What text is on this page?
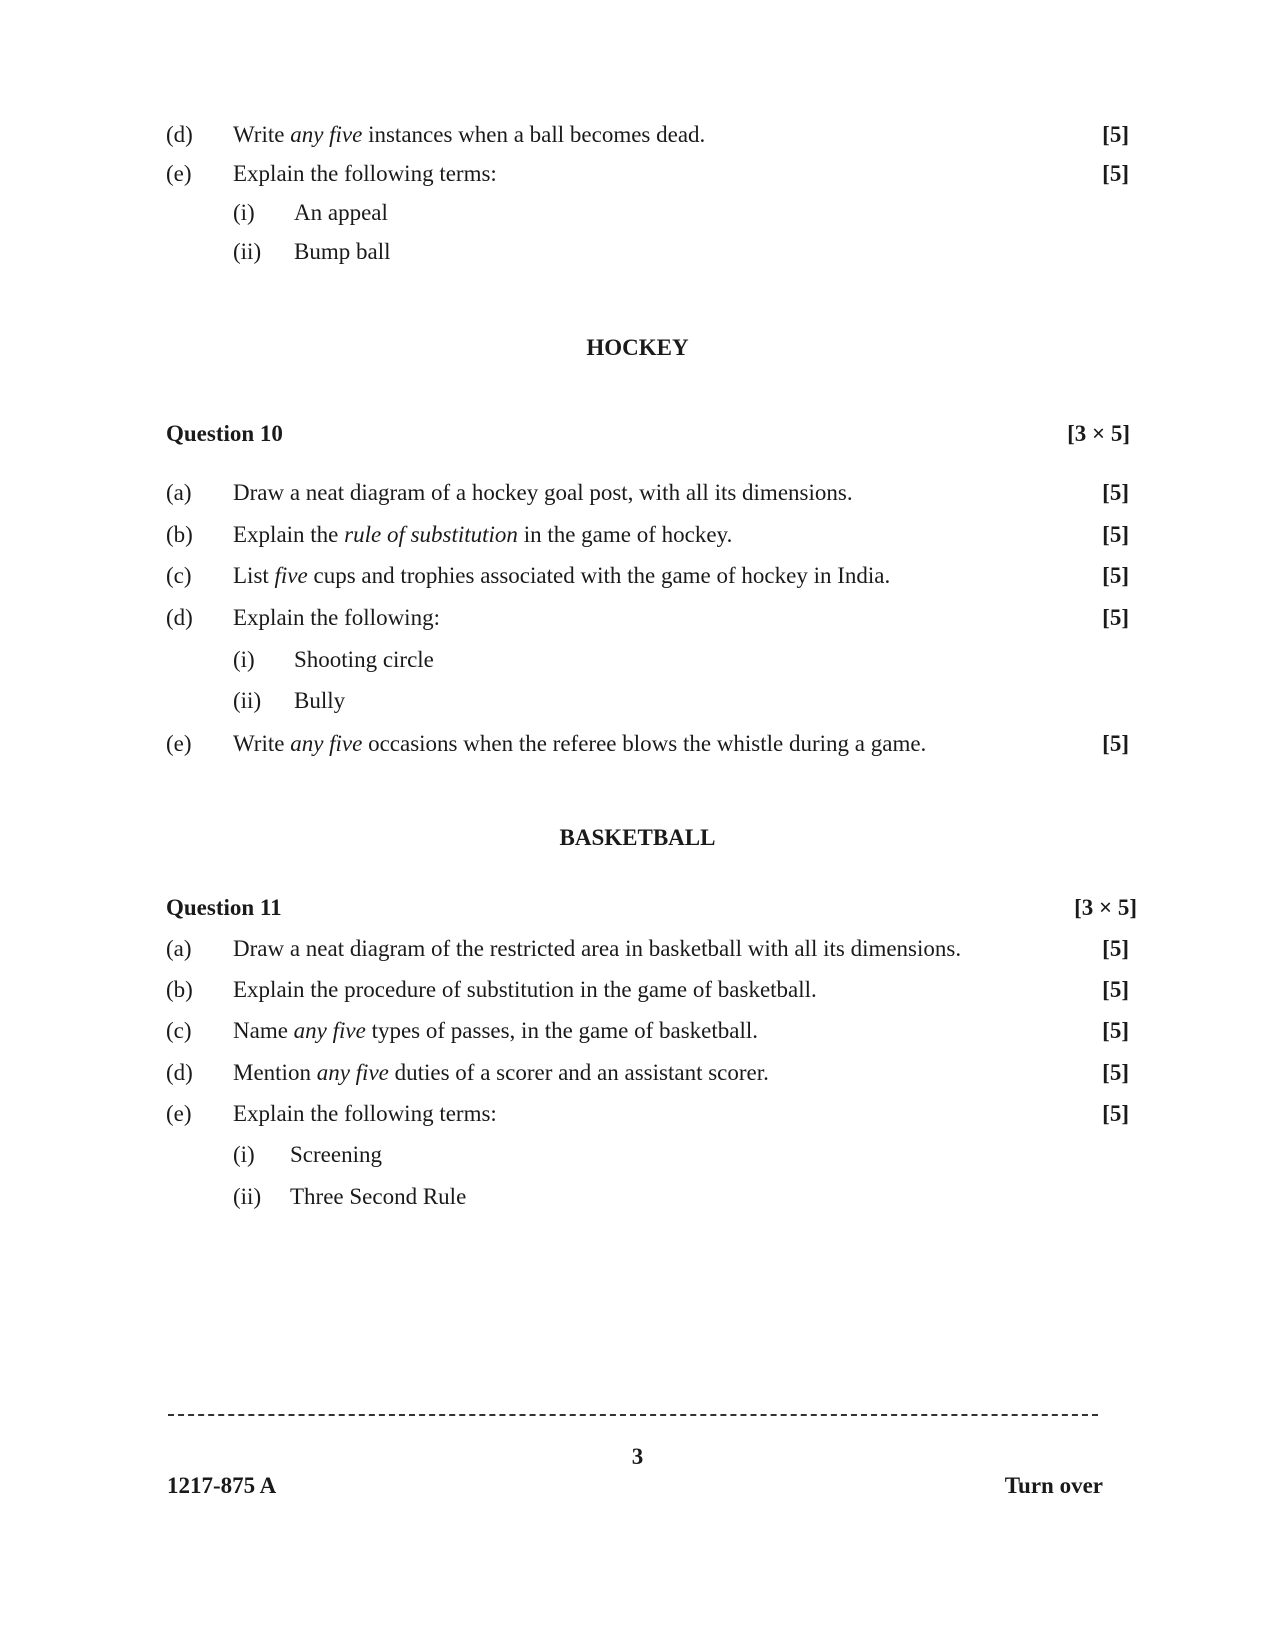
(d) Write any five instances when a ball becomes dead.	[5]
(e) Explain the following terms:	[5]
(i) An appeal
(ii) Bump ball
HOCKEY
Question 10	[3 × 5]
(a) Draw a neat diagram of a hockey goal post, with all its dimensions.	[5]
(b) Explain the rule of substitution in the game of hockey.	[5]
(c) List five cups and trophies associated with the game of hockey in India.	[5]
(d) Explain the following:	[5]
(i) Shooting circle
(ii) Bully
(e) Write any five occasions when the referee blows the whistle during a game.	[5]
BASKETBALL
Question 11	[3 × 5]
(a) Draw a neat diagram of the restricted area in basketball with all its dimensions.	[5]
(b) Explain the procedure of substitution in the game of basketball.	[5]
(c) Name any five types of passes, in the game of basketball.	[5]
(d) Mention any five duties of a scorer and an assistant scorer.	[5]
(e) Explain the following terms:	[5]
(i) Screening
(ii) Three Second Rule
3
1217-875 A	Turn over
